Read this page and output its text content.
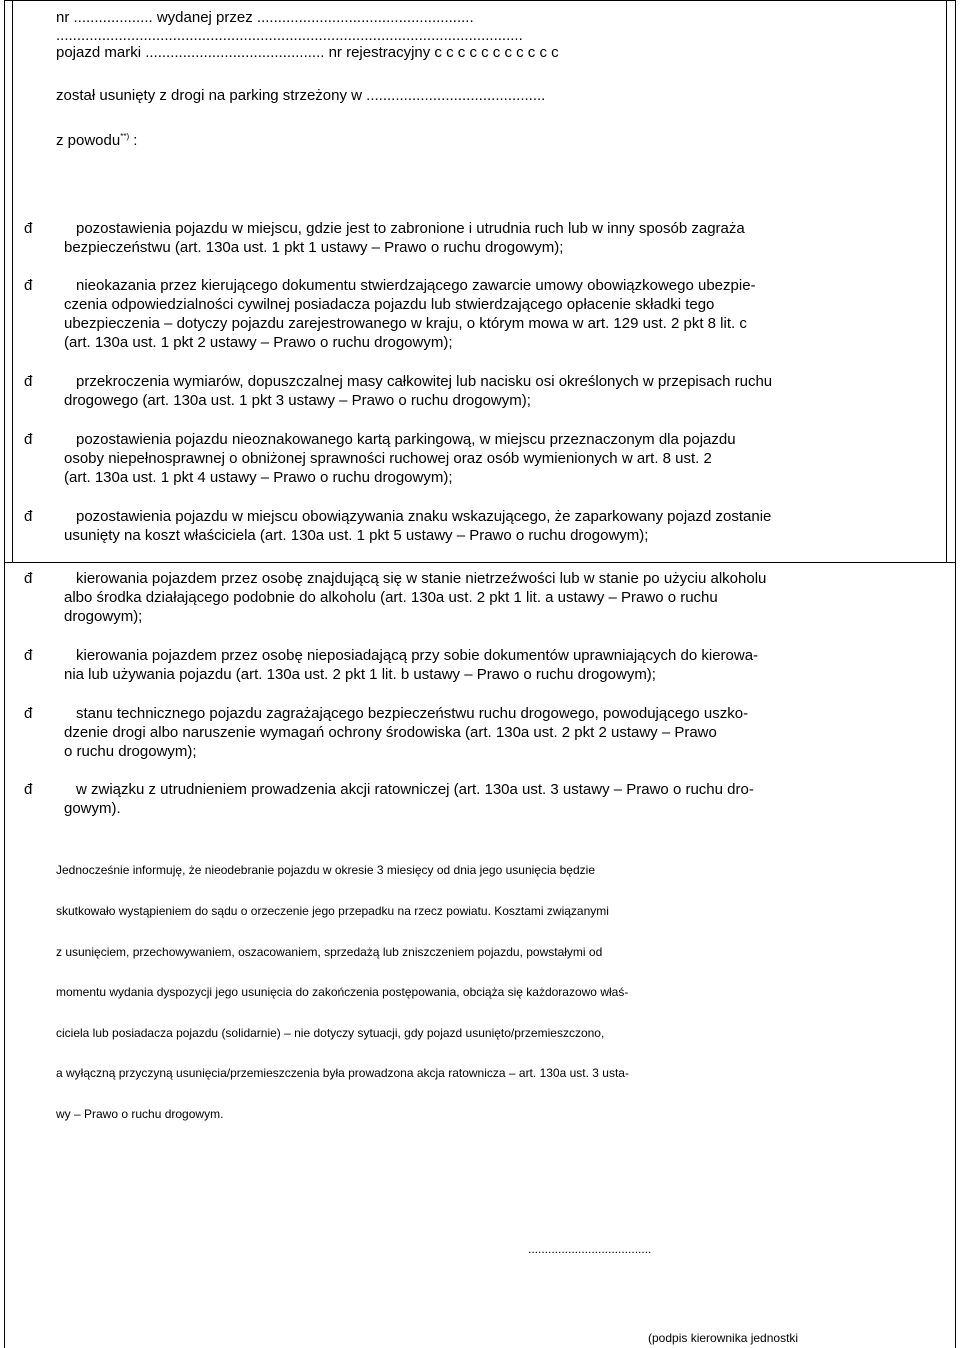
nr ................... wydanej przez ....................................................
................................................................................................................
pojazd marki ........................................... nr rejestracyjny c c c c c c c c c c c
został usunięty z drogi na parking strzeżony w ...........................................
z powodu**) :
đ	pozostawienia pojazdu w miejscu, gdzie jest to zabronione i utrudnia ruch lub w inny sposób zagraża
bezpieczeństwu (art. 130a ust. 1 pkt 1 ustawy – Prawo o ruchu drogowym);
đ	nieokazania przez kierującego dokumentu stwierdzającego zawarcie umowy obowiązkowego ubezpie-
czenia odpowiedzialności cywilnej posiadacza pojazdu lub stwierdzającego opłacenie składki tego
ubezpieczenia – dotyczy pojazdu zarejestrowanego w kraju, o którym mowa w art. 129 ust. 2 pkt 8 lit. c
(art. 130a ust. 1 pkt 2 ustawy – Prawo o ruchu drogowym);
đ	przekroczenia wymiarów, dopuszczalnej masy całkowitej lub nacisku osi określonych w przepisach ruchu
drogowego (art. 130a ust. 1 pkt 3 ustawy – Prawo o ruchu drogowym);
đ	pozostawienia pojazdu nieoznakowanego kartą parkingową, w miejscu przeznaczonym dla pojazdu
osoby niepełnosprawnej o obniżonej sprawności ruchowej oraz osób wymienionych w art. 8 ust. 2
(art. 130a ust. 1 pkt 4 ustawy – Prawo o ruchu drogowym);
đ	pozostawienia pojazdu w miejscu obowiązywania znaku wskazującego, że zaparkowany pojazd zostanie
usunięty na koszt właściciela (art. 130a ust. 1 pkt 5 ustawy – Prawo o ruchu drogowym);
đ	kierowania pojazdem przez osobę znajdującą się w stanie nietrzeźwości lub w stanie po użyciu alkoholu
albo środka działającego podobnie do alkoholu (art. 130a ust. 2 pkt 1 lit. a ustawy – Prawo o ruchu
drogowym);
đ	kierowania pojazdem przez osobę nieposiadającą przy sobie dokumentów uprawniających do kierowa-
nia lub używania pojazdu (art. 130a ust. 2 pkt 1 lit. b ustawy – Prawo o ruchu drogowym);
đ	stanu technicznego pojazdu zagrażającego bezpieczeństwu ruchu drogowego, powodującego uszko-
dzenie drogi albo naruszenie wymagań ochrony środowiska (art. 130a ust. 2 pkt 2 ustawy – Prawo
o ruchu drogowym);
đ	w związku z utrudnieniem prowadzenia akcji ratowniczej (art. 130a ust. 3 ustawy – Prawo o ruchu dro-
gowym).
Jednocześnie informuję, że nieodebranie pojazdu w okresie 3 miesięcy od dnia jego usunięcia będzie
skutkowało wystąpieniem do sądu o orzeczenie jego przepadku na rzecz powiatu. Kosztami związanymi
z usunięciem, przechowywaniem, oszacowaniem, sprzedażą lub zniszczeniem pojazdu, powstałymi od
momentu wydania dyspozycji jego usunięcia do zakończenia postępowania, obciąża się każdorazowo właś-
ciciela lub posiadacza pojazdu (solidarnie) – nie dotyczy sytuacji, gdy pojazd usunięto/przemieszczono,
a wyłączną przyczyną usunięcia/przemieszczenia była prowadzona akcja ratownicza – art. 130a ust. 3 usta-
wy – Prawo o ruchu drogowym.
.....................................
(podpis kierownika jednostki
